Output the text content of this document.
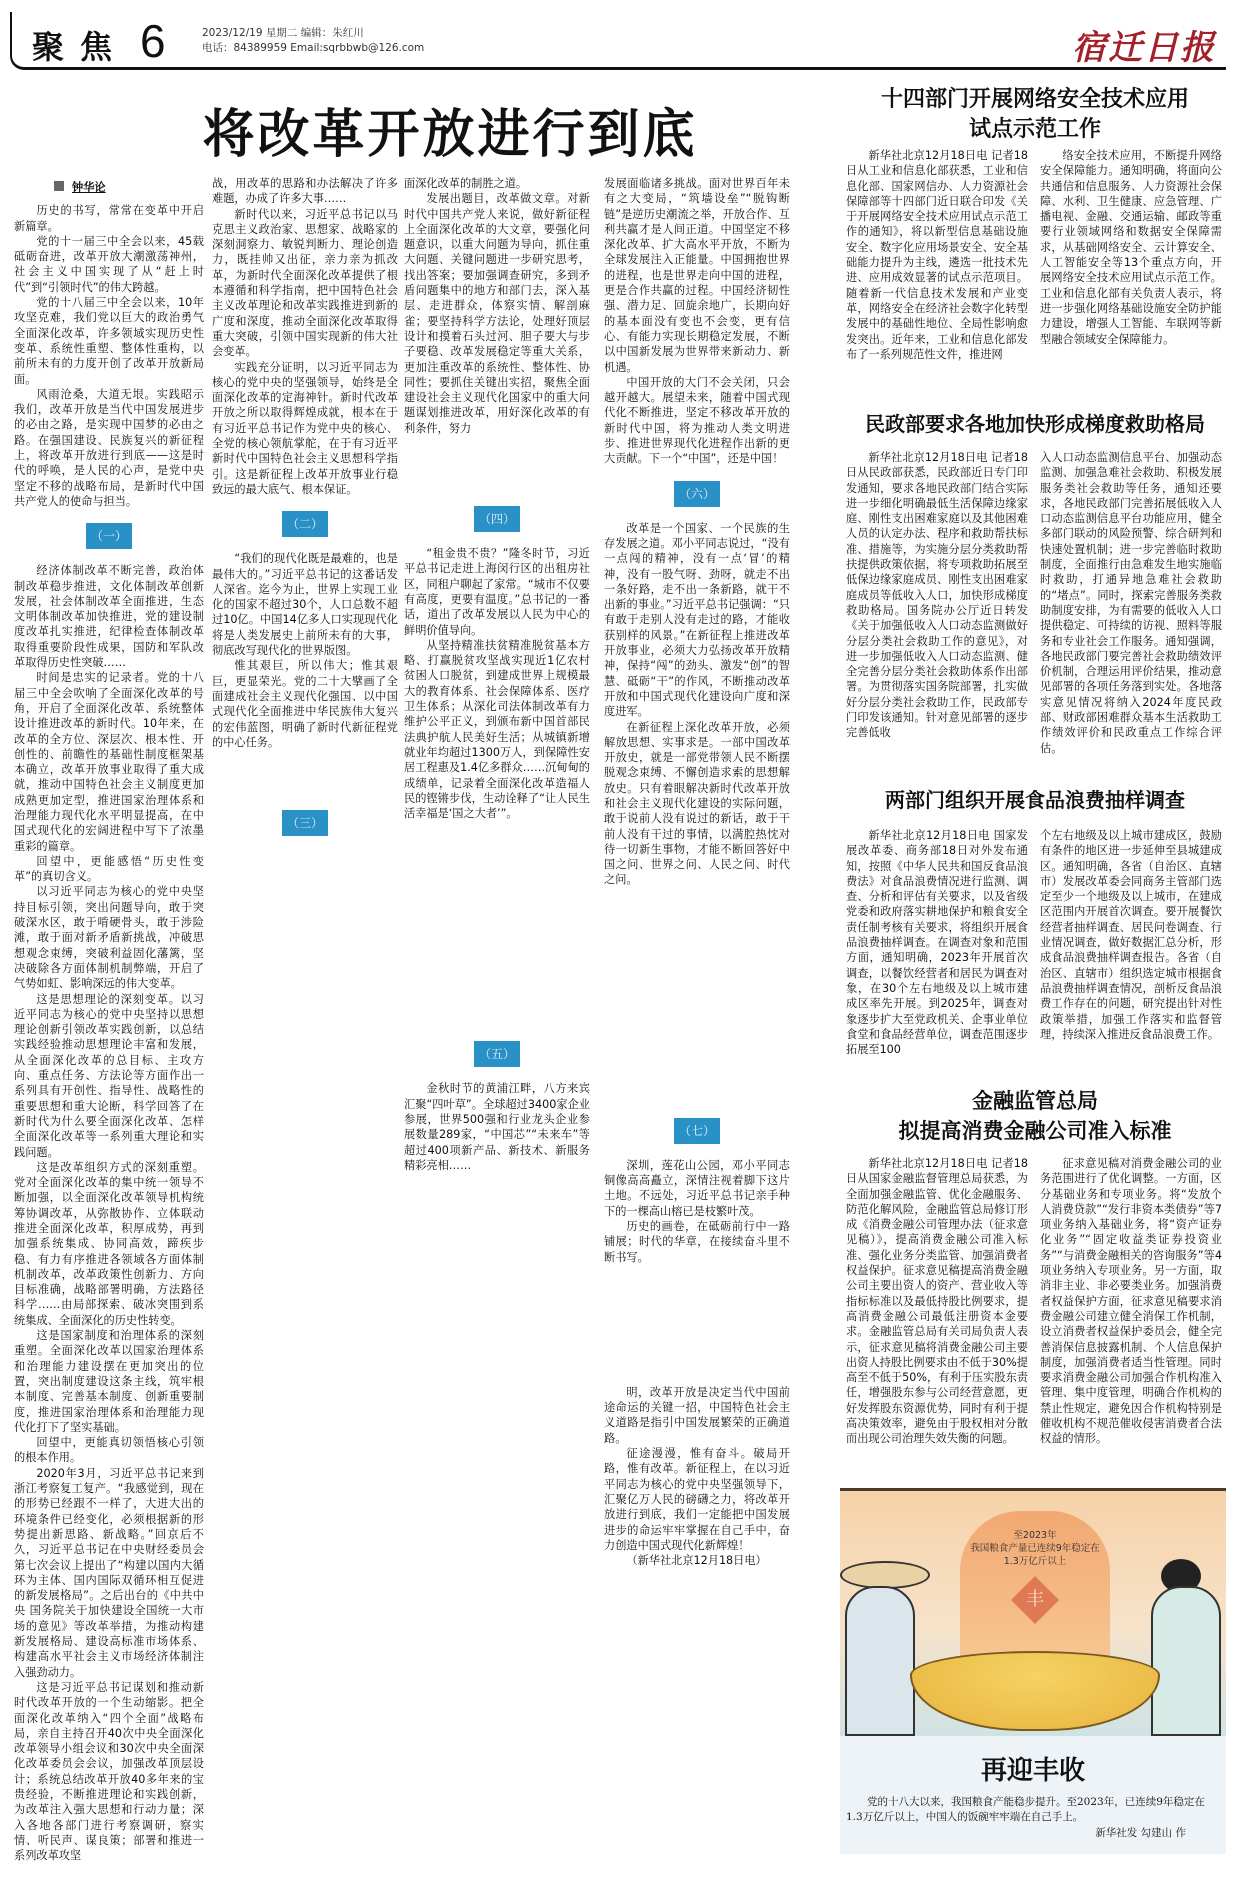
聚焦 6	2023/12/19 星期二 编辑：朱红川
电话：84389959 Email:sqrbbwb@126.com	宿迁日报
将改革开放进行到底

钟华论

历史的书写，常常在变革中开启新篇章。

党的十一届三中全会以来，45载砥砺奋进，改革开放大潮激荡神州，社会主义中国实现了从“赶上时代”到“引领时代”的伟大跨越。

党的十八届三中全会以来，10年攻坚克难，我们党以巨大的政治勇气全面深化改革，许多领域实现历史性变革、系统性重塑、整体性重构，以前所未有的力度开创了改革开放新局面。

风雨沧桑，大道无垠。实践昭示我们，改革开放是当代中国发展进步的必由之路，是实现中国梦的必由之路。在强国建设、民族复兴的新征程上，将改革开放进行到底——这是时代的呼唤，是人民的心声，是党中央坚定不移的战略布局，是新时代中国共产党人的使命与担当。

（一）

经济体制改革不断完善，政治体制改革稳步推进，文化体制改革创新发展，社会体制改革全面推进，生态文明体制改革加快推进，党的建设制度改革扎实推进，纪律检查体制改革取得重要阶段性成果，国防和军队改革取得历史性突破……

时间是忠实的记录者。党的十八届三中全会吹响了全面深化改革的号角，开启了全面深化改革、系统整体设计推进改革的新时代。10年来，在改革的全方位、深层次、根本性、开创性的、前瞻性的基础性制度框架基本确立，改革开放事业取得了重大成就，推动中国特色社会主义制度更加成熟更加定型，推进国家治理体系和治理能力现代化水平明显提高，在中国式现代化的宏阔进程中写下了浓墨重彩的篇章。

回望中，更能感悟“历史性变革”的真切含义。

以习近平同志为核心的党中央坚持目标引领，突出问题导向，敢于突破深水区，敢于啃硬骨头，敢于涉险滩，敢于面对新矛盾新挑战，冲破思想观念束缚，突破利益固化藩篱，坚决破除各方面体制机制弊端，开启了气势如虹、影响深远的伟大变革。

这是思想理论的深刻变革。以习近平同志为核心的党中央坚持以思想理论创新引领改革实践创新，以总结实践经验推动思想理论丰富和发展，从全面深化改革的总目标、主攻方向、重点任务、方法论等方面作出一系列具有开创性、指导性、战略性的重要思想和重大论断，科学回答了在新时代为什么要全面深化改革、怎样全面深化改革等一系列重大理论和实践问题。

这是改革组织方式的深刻重塑。党对全面深化改革的集中统一领导不断加强，以全面深化改革领导机构统筹协调改革，从弥散协作、立体联动推进全面深化改革，积厚成势，再到加强系统集成、协同高效，蹄疾步稳、有力有序推进各领域各方面体制机制改革，改革政策性创新力、方向目标准确，战略部署明确，方法路径科学……由局部探索、破冰突围到系统集成、全面深化的历史性转变。

这是国家制度和治理体系的深刻重塑。全面深化改革以国家治理体系和治理能力建设摆在更加突出的位置，突出制度建设这条主线，筑牢根本制度、完善基本制度、创新重要制度，推进国家治理体系和治理能力现代化打下了坚实基础。

回望中，更能真切领悟核心引领的根本作用。

2020年3月，习近平总书记来到浙江考察复工复产。“我感觉到，现在的形势已经跟不一样了，大进大出的环境条件已经变化，必须根据新的形势提出新思路、新战略。”回京后不久，习近平总书记在中央财经委员会第七次会议上提出了“构建以国内大循环为主体、国内国际双循环相互促进的新发展格局”。之后出台的《中共中央 国务院关于加快建设全国统一大市场的意见》等改革举措，为推动构建新发展格局、建设高标准市场体系、构建高水平社会主义市场经济体制注入强劲动力。

这是习近平总书记谋划和推动新时代改革开放的一个生动缩影。把全面深化改革纳入“四个全面”战略布局，亲自主持召开40次中央全面深化改革领导小组会议和30次中央全面深化改革委员会会议，加强改革顶层设计；系统总结改革开放40多年来的宝贵经验，不断推进理论和实践创新，为改革注入强大思想和行动力量；深入各地各部门进行考察调研，察实情、听民声、谋良策；部署和推进一系列改革攻坚

战，用改革的思路和办法解决了许多难题，办成了许多大事……

新时代以来，习近平总书记以马克思主义政治家、思想家、战略家的深刻洞察力、敏锐判断力、理论创造力，既挂帅又出征，亲力亲为抓改革，为新时代全面深化改革提供了根本遵循和科学指南，把中国特色社会主义改革理论和改革实践推进到新的广度和深度，推动全面深化改革取得重大突破，引领中国实现新的伟大社会变革。

实践充分证明，以习近平同志为核心的党中央的坚强领导，始终是全面深化改革的定海神针。新时代改革开放之所以取得辉煌成就，根本在于有习近平总书记作为党中央的核心、全党的核心领航掌舵，在于有习近平新时代中国特色社会主义思想科学指引。这是新征程上改革开放事业行稳致远的最大底气、根本保证。

（二）

“我们的现代化既是最难的，也是最伟大的。”习近平总书记的这番话发人深省。迄今为止，世界上实现工业化的国家不超过30个，人口总数不超过10亿。中国14亿多人口实现现代化将是人类发展史上前所未有的大事，彻底改写现代化的世界版图。

惟其艰巨，所以伟大；惟其艰巨，更显荣光。党的二十大擘画了全面建成社会主义现代化强国、以中国式现代化全面推进中华民族伟大复兴的宏伟蓝图，明确了新时代新征程党的中心任务。

（三）

面深化改革的制胜之道。

发展出题目，改革做文章。对新时代中国共产党人来说，做好新征程上全面深化改革的大文章，要强化问题意识，以重大问题为导向，抓住重大问题、关键问题进一步研究思考，找出答案；要加强调查研究，多到矛盾问题集中的地方和部门去，深入基层、走进群众，体察实情、解剖麻雀；要坚持科学方法论，处理好顶层设计和摸着石头过河、胆子要大与步子要稳、改革发展稳定等重大关系，更加注重改革的系统性、整体性、协同性；要抓住关键出实招，聚焦全面建设社会主义现代化国家中的重大问题谋划推进改革，用好深化改革的有利条件，努力

（四）

“租金贵不贵？”隆冬时节，习近平总书记走进上海闵行区的出租房社区，同租户聊起了家常。“城市不仅要有高度，更要有温度。”总书记的一番话，道出了改革发展以人民为中心的鲜明价值导向。

从坚持精准扶贫精准脱贫基本方略、打赢脱贫攻坚战实现近1亿农村贫困人口脱贫，到建成世界上规模最大的教育体系、社会保障体系、医疗卫生体系；从深化司法体制改革有力维护公平正义，到颁布新中国首部民法典护航人民美好生活；从城镇新增就业年均超过1300万人，到保障性安居工程惠及1.4亿多群众……沉甸甸的成绩单，记录着全面深化改革造福人民的铿锵步伐，生动诠释了“让人民生活幸福是‘国之大者’”。

（五）

金秋时节的黄浦江畔，八方来宾汇聚“四叶草”。全球超过3400家企业参展，世界500强和行业龙头企业参展数量289家，“中国芯”“未来车”等超过400项新产品、新技术、新服务精彩亮相……

发展面临诸多挑战。面对世界百年未有之大变局，“筑墙设垒”“脱钩断链”是逆历史潮流之举，开放合作、互利共赢才是人间正道。中国坚定不移深化改革、扩大高水平开放，不断为全球发展注入正能量。中国拥抱世界的进程，也是世界走向中国的进程，更是合作共赢的过程。中国经济韧性强、潜力足、回旋余地广，长期向好的基本面没有变也不会变，更有信心、有能力实现长期稳定发展，不断以中国新发展为世界带来新动力、新机遇。

中国开放的大门不会关闭，只会越开越大。展望未来，随着中国式现代化不断推进，坚定不移改革开放的新时代中国，将为推动人类文明进步、推进世界现代化进程作出新的更大贡献。下一个“中国”，还是中国！

（六）

改革是一个国家、一个民族的生存发展之道。邓小平同志说过，“没有一点闯的精神，没有一点‘冒’的精神，没有一股气呀、劲呀，就走不出一条好路，走不出一条新路，就干不出新的事业。”习近平总书记强调：“只有敢于走别人没有走过的路，才能收获别样的风景。”在新征程上推进改革开放事业，必须大力弘扬改革开放精神，保持“闯”的劲头、激发“创”的智慧、砥砺“干”的作风，不断推动改革开放和中国式现代化建设向广度和深度进军。

在新征程上深化改革开放，必须解放思想、实事求是。一部中国改革开放史，就是一部党带领人民不断摆脱观念束缚、不懈创造求索的思想解放史。只有着眼解决新时代改革开放和社会主义现代化建设的实际问题，敢于说前人没有说过的新话，敢于干前人没有干过的事情，以满腔热忱对待一切新生事物，才能不断回答好中国之问、世界之问、人民之问、时代之问。

（七）

深圳，莲花山公园，邓小平同志铜像高高矗立，深情注视着脚下这片土地。不远处，习近平总书记亲手种下的一棵高山榕已是枝繁叶茂。

历史的画卷，在砥砺前行中一路铺展；时代的华章，在接续奋斗里不断书写。

明，改革开放是决定当代中国前途命运的关键一招，中国特色社会主义道路是指引中国发展繁荣的正确道路。

征途漫漫，惟有奋斗。破局开路，惟有改革。新征程上，在以习近平同志为核心的党中央坚强领导下，汇聚亿万人民的磅礴之力，将改革开放进行到底，我们一定能把中国发展进步的命运牢牢掌握在自己手中，奋力创造中国式现代化新辉煌！

（新华社北京12月18日电）

十四部门开展网络安全技术应用
试点示范工作

新华社北京12月18日电 记者18日从工业和信息化部获悉，工业和信息化部、国家网信办、人力资源社会保障部等十四部门近日联合印发《关于开展网络安全技术应用试点示范工作的通知》，将以新型信息基础设施安全、数字化应用场景安全、安全基础能力提升为主线，遴选一批技术先进、应用成效显著的试点示范项目。随着新一代信息技术发展和产业变革，网络安全在经济社会数字化转型发展中的基础性地位、全局性影响愈发突出。近年来，工业和信息化部发布了一系列规范性文件，推进网

络安全技术应用，不断提升网络安全保障能力。通知明确，将面向公共通信和信息服务、人力资源社会保障、水利、卫生健康、应急管理、广播电视、金融、交通运输、邮政等重要行业领域网络和数据安全保障需求，从基础网络安全、云计算安全、人工智能安全等13个重点方向，开展网络安全技术应用试点示范工作。工业和信息化部有关负责人表示，将进一步强化网络基础设施安全防护能力建设，增强人工智能、车联网等新型融合领域安全保障能力。

民政部要求各地加快形成梯度救助格局

新华社北京12月18日电 记者18日从民政部获悉，民政部近日专门印发通知，要求各地民政部门结合实际进一步细化明确最低生活保障边缘家庭、刚性支出困难家庭以及其他困难人员的认定办法、程序和救助帮扶标准、措施等，为实施分层分类救助帮扶提供政策依据，将专项救助拓展至低保边缘家庭成员、刚性支出困难家庭成员等低收入人口，加快形成梯度救助格局。国务院办公厅近日转发《关于加强低收入人口动态监测做好分层分类社会救助工作的意见》，对进一步加强低收入人口动态监测、健全完善分层分类社会救助体系作出部署。为贯彻落实国务院部署，扎实做好分层分类社会救助工作，民政部专门印发该通知。针对意见部署的逐步完善低收

入人口动态监测信息平台、加强动态监测、加强急难社会救助、积极发展服务类社会救助等任务，通知还要求，各地民政部门完善拓展低收入人口动态监测信息平台功能应用，健全多部门联动的风险预警、综合研判和快速处置机制；进一步完善临时救助制度，全面推行由急难发生地实施临时救助，打通异地急难社会救助的“堵点”。同时，探索完善服务类救助制度安排，为有需要的低收入人口提供稳定、可持续的访视、照料等服务和专业社会工作服务。通知强调，各地民政部门要完善社会救助绩效评价机制，合理运用评价结果，推动意见部署的各项任务落到实处。各地落实意见情况将纳入2024年度民政部、财政部困难群众基本生活救助工作绩效评价和民政重点工作综合评估。

两部门组织开展食品浪费抽样调查

新华社北京12月18日电 国家发展改革委、商务部18日对外发布通知，按照《中华人民共和国反食品浪费法》对食品浪费情况进行监测、调查、分析和评估有关要求，以及省级党委和政府落实耕地保护和粮食安全责任制考核有关要求，将组织开展食品浪费抽样调查。在调查对象和范围方面，通知明确，2023年开展首次调查，以餐饮经营者和居民为调查对象，在30个左右地级及以上城市建成区率先开展。到2025年，调查对象逐步扩大至党政机关、企事业单位食堂和食品经营单位，调查范围逐步拓展至100

个左右地级及以上城市建成区，鼓励有条件的地区进一步延伸至县城建成区。通知明确，各省（自治区、直辖市）发展改革委会同商务主管部门选定至少一个地级及以上城市，在建成区范围内开展首次调查。要开展餐饮经营者抽样调查、居民问卷调查、行业情况调查，做好数据汇总分析，形成食品浪费抽样调查报告。各省（自治区、直辖市）组织选定城市根据食品浪费抽样调查情况，剖析反食品浪费工作存在的问题，研究提出针对性政策举措，加强工作落实和监督管理，持续深入推进反食品浪费工作。

金融监管总局
拟提高消费金融公司准入标准

新华社北京12月18日电 记者18日从国家金融监督管理总局获悉，为全面加强金融监管、优化金融服务、防范化解风险，金融监管总局修订形成《消费金融公司管理办法（征求意见稿）》，提高消费金融公司准入标准、强化业务分类监管、加强消费者权益保护。征求意见稿提高消费金融公司主要出资人的资产、营业收入等指标标准以及最低持股比例要求，提高消费金融公司最低注册资本金要求。金融监管总局有关司局负责人表示，征求意见稿将消费金融公司主要出资人持股比例要求由不低于30%提高至不低于50%，有利于压实股东责任，增强股东参与公司经营意愿，更好发挥股东资源优势，同时有利于提高决策效率，避免由于股权相对分散而出现公司治理失效失衡的问题。

征求意见稿对消费金融公司的业务范围进行了优化调整。一方面，区分基础业务和专项业务。将“发放个人消费贷款”“发行非资本类债券”等7项业务纳入基础业务，将“资产证券化业务”“固定收益类证券投资业务”“与消费金融相关的咨询服务”等4项业务纳入专项业务。另一方面，取消非主业、非必要类业务。加强消费者权益保护方面，征求意见稿要求消费金融公司建立健全消保工作机制，设立消费者权益保护委员会，健全完善消保信息披露机制、个人信息保护制度，加强消费者适当性管理。同时要求消费金融公司加强合作机构准入管理、集中度管理，明确合作机构的禁止性规定，避免因合作机构特别是催收机构不规范催收侵害消费者合法权益的情形。

至2023年
我国粮食产量已连续9年稳定在
1.3万亿斤以上
丰
再迎丰收
党的十八大以来，我国粮食产能稳步提升。至2023年，已连续9年稳定在1.3万亿斤以上，中国人的饭碗牢牢端在自己手上。
新华社发 勾建山 作
